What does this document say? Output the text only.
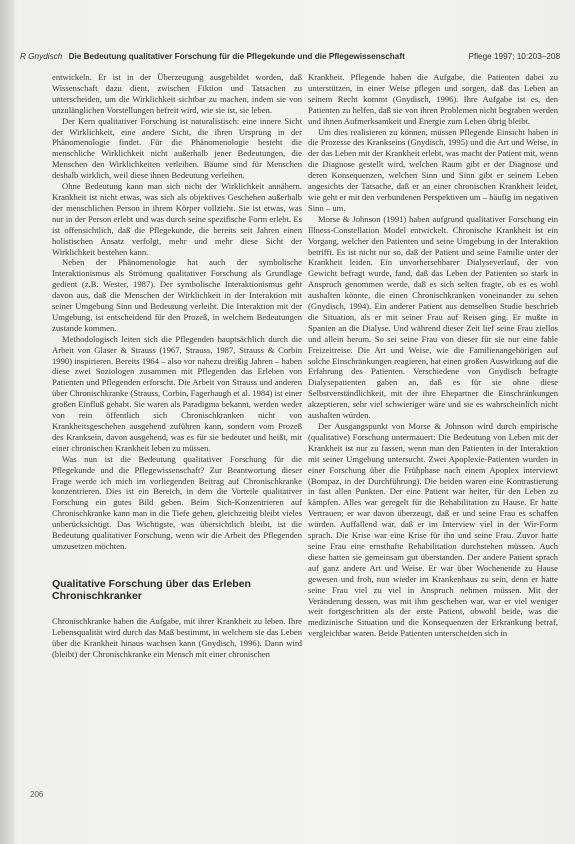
R Gnydisch Die Bedeutung qualitativer Forschung für die Pflegekunde und die Pflegewissenschaft	Pflege 1997; 10:203–208

entwickeln. Er ist in der Überzeugung ausgebildet worden, daß Wissenschaft dazu dient, zwischen Fiktion und Tatsachen zu unterscheiden, um die Wirklichkeit sichtbar zu machen, indem sie von unzulänglichen Vorstellungen befreit wird, wie sie ist, sie leben.

Der Kern qualitativer Forschung ist naturalistisch: eine innere Sicht der Wirklichkeit, eine andere Sicht, die ihren Ursprung in der Phänomenologie findet. Für die Phänomenologie besteht die menschliche Wirklichkeit nicht außerhalb jener Bedeutungen, die Menschen den Wirklichkeiten verleihen. Bäume sind für Menschen deshalb wirklich, weil diese ihnen Bedeutung verleihen.

Ohne Bedeutung kann man sich nicht der Wirklichkeit annähern. Krankheit ist nicht etwas, was sich als objektives Geschehen außerhalb der menschlichen Person in ihrem Körper vollzieht. Sie ist etwas, was nur in der Person erlebt und was durch seine spezifische Form erlebt. Es ist offensichtlich, daß die Pflegekunde, die bereits seit Jahren einen holistischen Ansatz verfolgt, mehr und mehr diese Sicht der Wirklichkeit bestehen kann.

Neben der Phänomenologie hat auch der symbolische Interaktionismus als Strömung qualitativer Forschung als Grundlage gedient (z.B. Wester, 1987). Der symbolische Interaktionismus geht davon aus, daß die Menschen der Wirklichkeit in der Interaktion mit seiner Umgebung Sinn und Bedeutung verleiht. Die Interaktion mit der Umgebung, ist entscheidend für den Prozeß, in welchem Bedeutungen zustande kommen.

Methodologisch leiten sich die Pflegenden hauptsächlich durch die Arbeit von Glaser & Strauss (1967, Strauss, 1987, Strauss & Corbin 1990) inspirieren. Bereits 1964 – also vor nahezu dreißig Jahren – haben diese zwei Soziologen zusammen mit Pflegenden das Erleben von Patienten und Pflegenden erforscht. Die Arbeit von Strauss und anderen über Chronischkranke (Strauss, Corbin, Fagerhaugh et al. 1984) ist einer großen Einfluß gehabt. Sie waren als Paradigma bekannt, werden weder von rein öffentlich sich Chronischkranken nicht von Krankheitsgeschehen ausgehend zuführen kann, sondern vom Prozeß des Kranksein, davon ausgehend, was es für sie bedeutet und heißt, mit einer chronischen Krankheit leben zu müssen.

Was nun ist die Bedeutung qualitativer Forschung für die Pflegekunde und die Pflegewissenschaft? Zur Beantwortung dieser Frage werde ich mich im vorliegenden Beitrag auf Chronischkranke konzentrieren. Dies ist ein Bereich, in dem die Vorteile qualitativer Forschung ein gutes Bild geben. Beim Sich-Konzentrieren auf Chronischkranke kann man in die Tiefe gehen, gleichzeitig bleibt vieles unberücksichtigt. Das Wichtigste, was übersichtlich bleibt, ist die Bedeutung qualitativer Forschung, wenn wir die Arbeit des Pflegenden umzusetzen möchten.

Qualitative Forschung über das Erleben Chronischkranker

Chronischkranke haben die Aufgabe, mit ihrer Krankheit zu leben. Ihre Lebensqualität wird durch das Maß bestimmt, in welchem sie das Leben über die Krankheit hinaus wachsen kann (Gnydisch, 1996). Dann wird (bleibt) der Chronischkranke ein Mensch mit einer chronischen

Krankheit. Pflegende haben die Aufgabe, die Patienten dabei zu unterstützen, in einer Weise pflegen und sorgen, daß das Leben an seinem Recht kommt (Gnydisch, 1996). Ihre Aufgabe ist es, den Patienten zu helfen, daß sie von ihren Problemen nicht begraben werden und ihnen Aufmerksamkeit und Energie zum Leben übrig bleibt.

Um dies realisieren zu können, müssen Pflegende Einsicht haben in die Prozesse des Krankseins (Gnydisch, 1995) und die Art und Weise, in der das Leben mit der Krankheit erlebt, was macht der Patient mit, wenn die Diagnose gestellt wird, welchen Raum gibt er der Diagnose und deren Konsequenzen, welchen Sinn und Sinn gibt er seinem Leben angesichts der Tatsache, daß er an einer chronischen Krankheit leidet, wie geht er mit den verbundenen Perspektiven um – häufig im negativen Sinn – um.

Morse & Johnson (1991) haben aufgrund qualitativer Forschung ein Illness-Constellation Model entwickelt. Chronische Krankheit ist ein Vorgang, welcher den Patienten und seine Umgebung in der Interaktion betrifft. Es ist nicht nur so, daß der Patient und seine Familie unter der Krankheit leiden. Ein unvorhersehbarer Dialyseverlauf, der von Gewicht befragt wurde, fand, daß das Leben der Patienten so stark in Anspruch genommen werde, daß es sich selten fragte, ob es es wohl aushalten könnte, die einen Chronischkranken voneinander zu sehen (Gnydisch, 1994). Ein anderer Patient aus demselben Studie beschrieb die Situation, als er mit seiner Frau auf Reisen ging. Er mußte in Spanien an die Dialyse. Und während dieser Zeit lief seine Frau ziellos und allein herum. So sei seine Frau von dieser für sie nur eine fahle Freizeitreise. Die Art und Weise, wie die Familienangehörigen auf solche Einschränkungen reagieren, hat einen großen Auswirkung auf die Erfahrung des Patienten. Verschiedene von Gnydisch befragte Dialysepatienten gaben an, daß es für sie ohne diese Selbstverständlichkeit, mit der ihre Ehepartner die Einschränkungen akzeptieren, sehr viel schwieriger wäre und sie es wahrscheinlich nicht aushalten würden.

Der Ausgangspunkt von Morse & Johnson wird durch empirische (qualitative) Forschung untermauert: Die Bedeutung von Leben mit der Krankheit ist nur zu fassen, wenn man den Patienten in der Interaktion mit seiner Umgebung untersucht. Zwei Apoplexie-Patienten wurden in einer Forschung über die Frühphase nach einem Apoplex interviewt (Bompaz, in der Durchführung). Die beiden waren eine Kontrastierung in fast allen Punkten. Der eine Patient war heiter, für den Leben zu kämpfen. Alles war geregelt für die Rehabilitation zu Hause. Er hatte Vertrauen; er war davon überzeugt, daß er und seine Frau es schaffen würden. Auffallend war, daß er im Interview viel in der Wir-Form sprach. Die Krise war eine Krise für ihn und seine Frau. Zuvor hatte seine Frau eine ernsthafte Rehabilitation durchstehen müssen. Auch diese hatten sie gemeinsam gut überstanden. Der andere Patient sprach auf ganz andere Art und Weise. Er war über Wochenende zu Hause gewesen und froh, nun wieder im Krankenhaus zu sein, denn er hatte seine Frau viel zu viel in Anspruch nehmen müssen. Mit der Veränderung dessen, was mit ihm geschehen war, war er viel weniger weit fortgeschritten als der erste Patient, obwohl beide, was die medizinische Situation und die Konsequenzen der Erkrankung betraf, vergleichbar waren. Beide Patienten unterscheiden sich in

206
